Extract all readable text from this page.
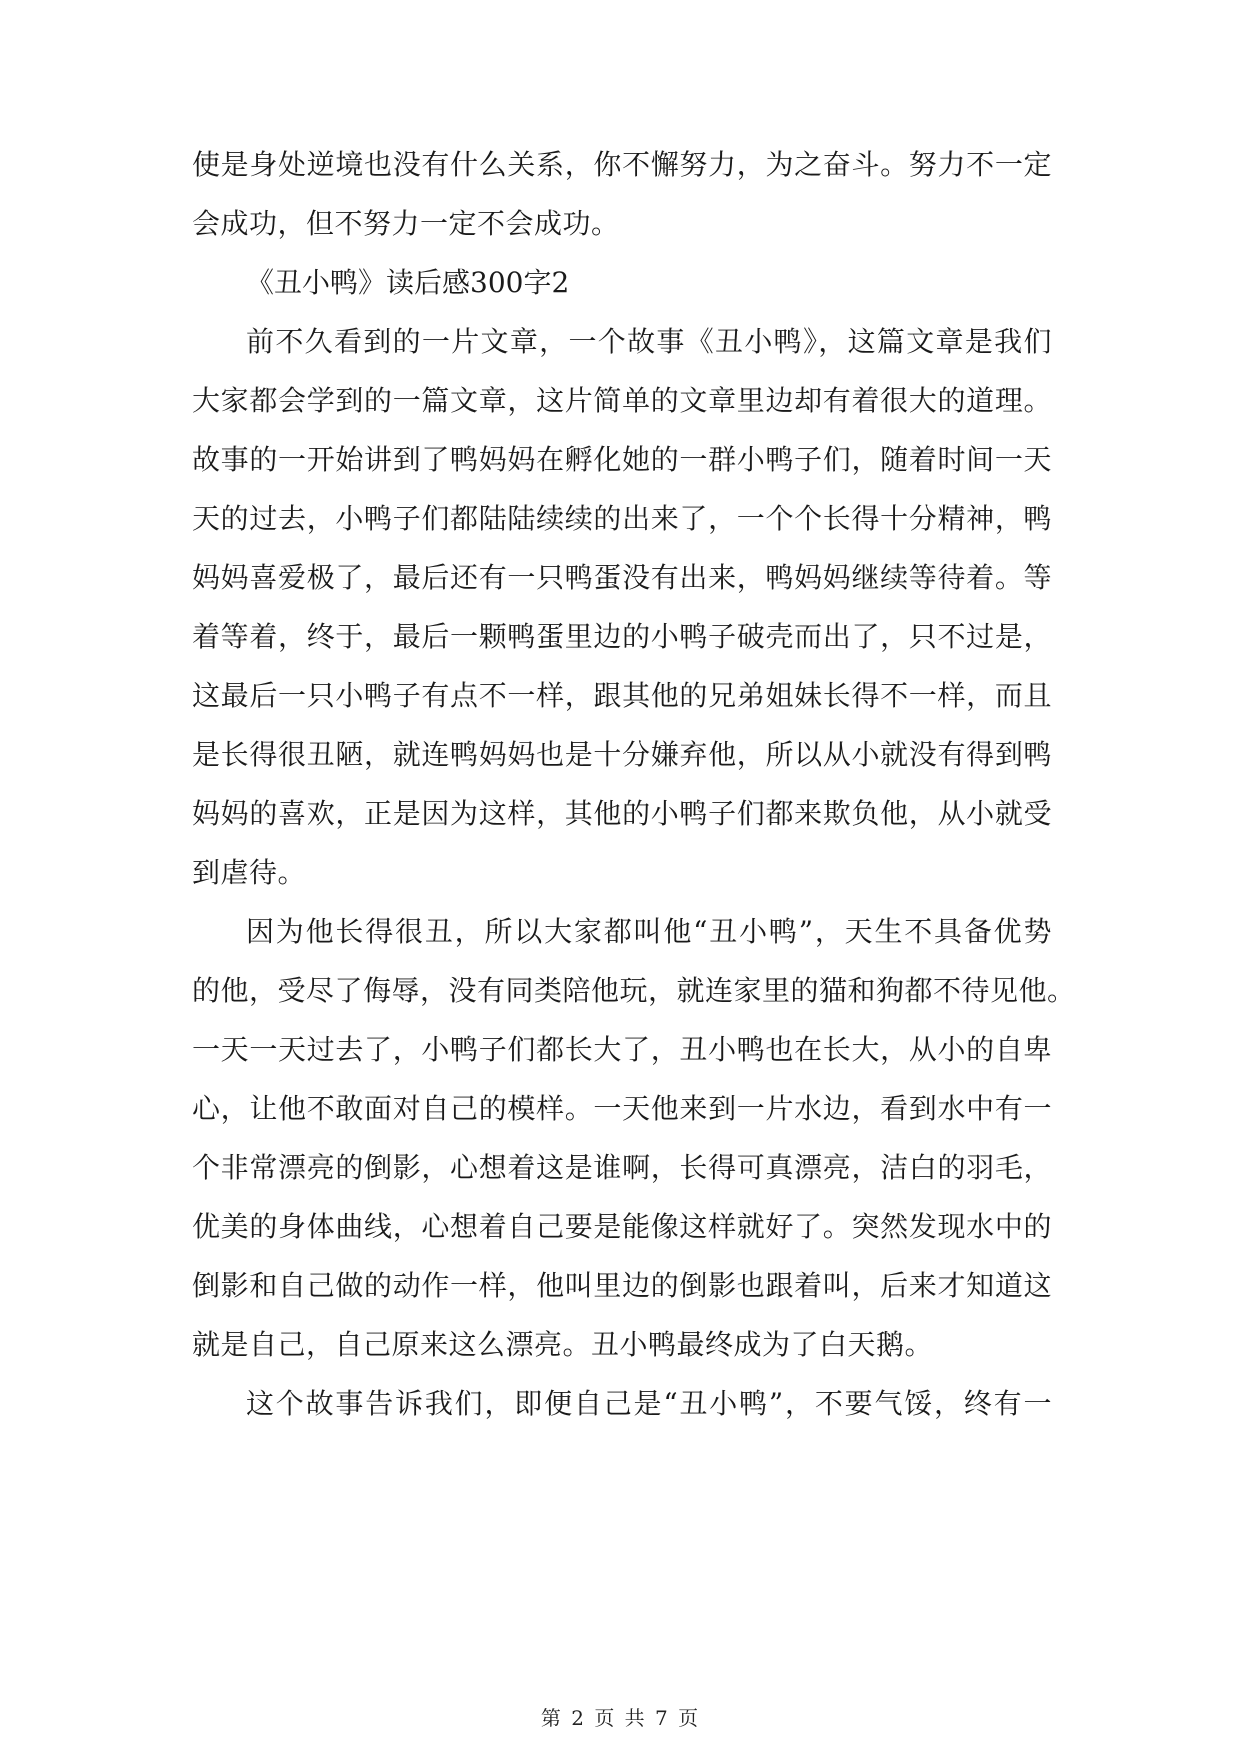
使是身处逆境也没有什么关系，你不懈努力，为之奋斗。努力不一定
会成功，但不努力一定不会成功。
《丑小鸭》读后感300字2
前不久看到的一片文章，一个故事《丑小鸭》，这篇文章是我们
大家都会学到的一篇文章，这片简单的文章里边却有着很大的道理。
故事的一开始讲到了鸭妈妈在孵化她的一群小鸭子们，随着时间一天
天的过去，小鸭子们都陆陆续续的出来了，一个个长得十分精神，鸭
妈妈喜爱极了，最后还有一只鸭蛋没有出来，鸭妈妈继续等待着。等
着等着，终于，最后一颗鸭蛋里边的小鸭子破壳而出了，只不过是，
这最后一只小鸭子有点不一样，跟其他的兄弟姐妹长得不一样，而且
是长得很丑陋，就连鸭妈妈也是十分嫌弃他，所以从小就没有得到鸭
妈妈的喜欢，正是因为这样，其他的小鸭子们都来欺负他，从小就受
到虐待。
因为他长得很丑，所以大家都叫他“丑小鸭”，天生不具备优势
的他，受尽了侮辱，没有同类陪他玩，就连家里的猫和狗都不待见他。
一天一天过去了，小鸭子们都长大了，丑小鸭也在长大，从小的自卑
心，让他不敢面对自己的模样。一天他来到一片水边，看到水中有一
个非常漂亮的倒影，心想着这是谁啊，长得可真漂亮，洁白的羽毛，
优美的身体曲线，心想着自己要是能像这样就好了。突然发现水中的
倒影和自己做的动作一样，他叫里边的倒影也跟着叫，后来才知道这
就是自己，自己原来这么漂亮。丑小鸭最终成为了白天鹅。
这个故事告诉我们，即便自己是“丑小鸭”，不要气馁，终有一
第 2 页 共 7 页
